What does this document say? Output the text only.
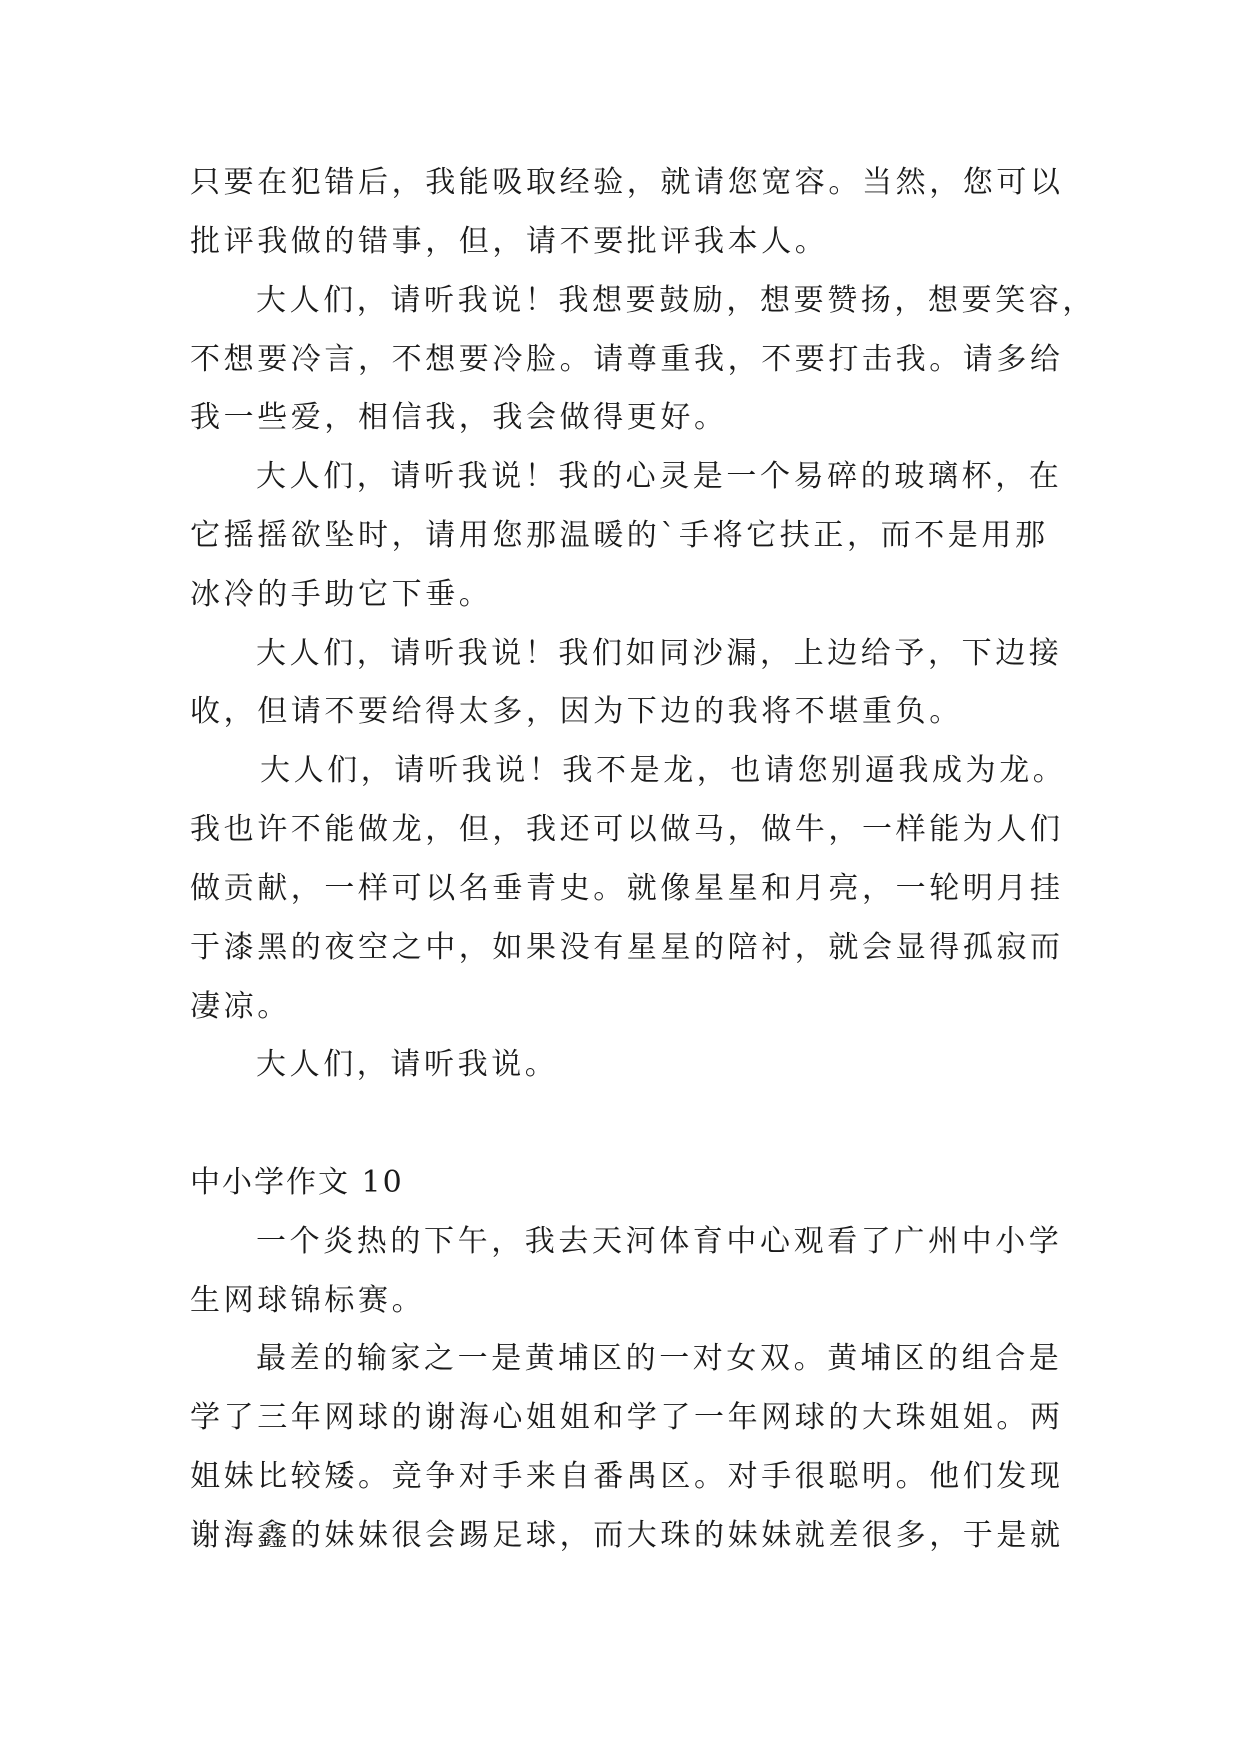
只要在犯错后，我能吸取经验，就请您宽容。当然，您可以
批评我做的错事，但，请不要批评我本人。
大人们，请听我说！我想要鼓励，想要赞扬，想要笑容，
不想要冷言，不想要冷脸。请尊重我，不要打击我。请多给
我一些爱，相信我，我会做得更好。
大人们，请听我说！我的心灵是一个易碎的玻璃杯，在
它摇摇欲坠时，请用您那温暖的`手将它扶正，而不是用那
冰冷的手助它下垂。
大人们，请听我说！我们如同沙漏，上边给予，下边接
收，但请不要给得太多，因为下边的我将不堪重负。
大人们，请听我说！我不是龙，也请您别逼我成为龙。
我也许不能做龙，但，我还可以做马，做牛，一样能为人们
做贡献，一样可以名垂青史。就像星星和月亮，一轮明月挂
于漆黑的夜空之中，如果没有星星的陪衬，就会显得孤寂而
凄凉。
大人们，请听我说。
中小学作文 10
一个炎热的下午，我去天河体育中心观看了广州中小学
生网球锦标赛。
最差的输家之一是黄埔区的一对女双。黄埔区的组合是
学了三年网球的谢海心姐姐和学了一年网球的大珠姐姐。两
姐妹比较矮。竞争对手来自番禺区。对手很聪明。他们发现
谢海鑫的妹妹很会踢足球，而大珠的妹妹就差很多，于是就
